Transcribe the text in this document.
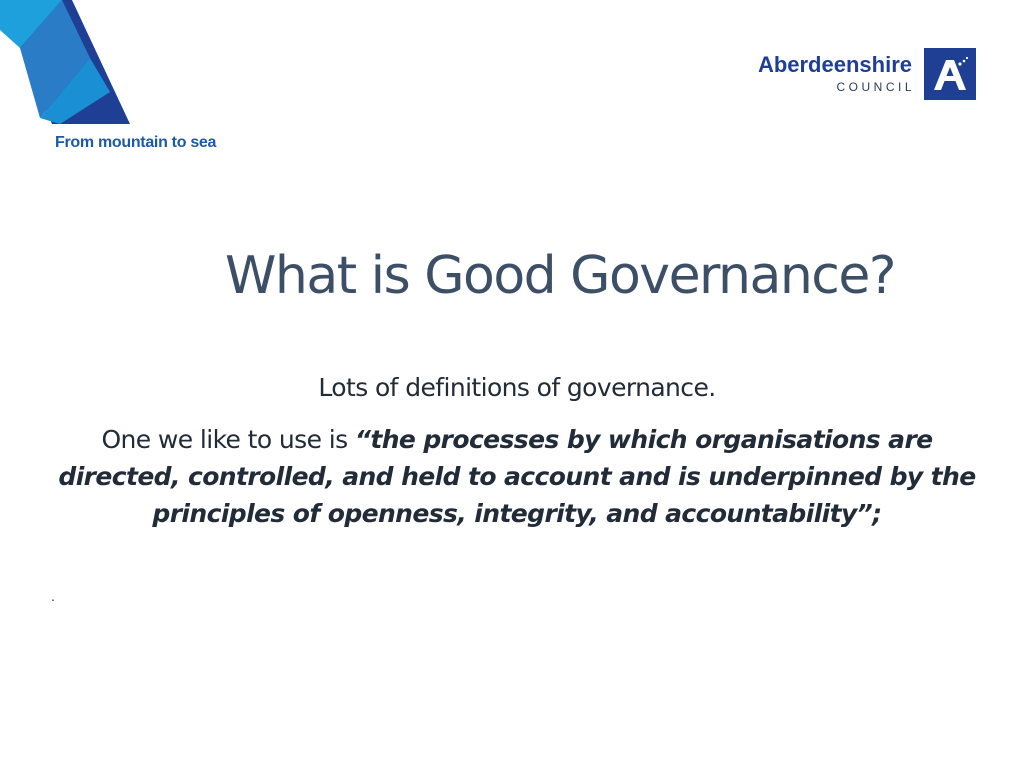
From mountain to sea
Aberdeenshire
COUNCIL
What is Good Governance?
Lots of definitions of governance.

One we like to use is “the processes by which organisations are directed, controlled, and held to account and is underpinned by the principles of openness, integrity, and accountability”;

.
